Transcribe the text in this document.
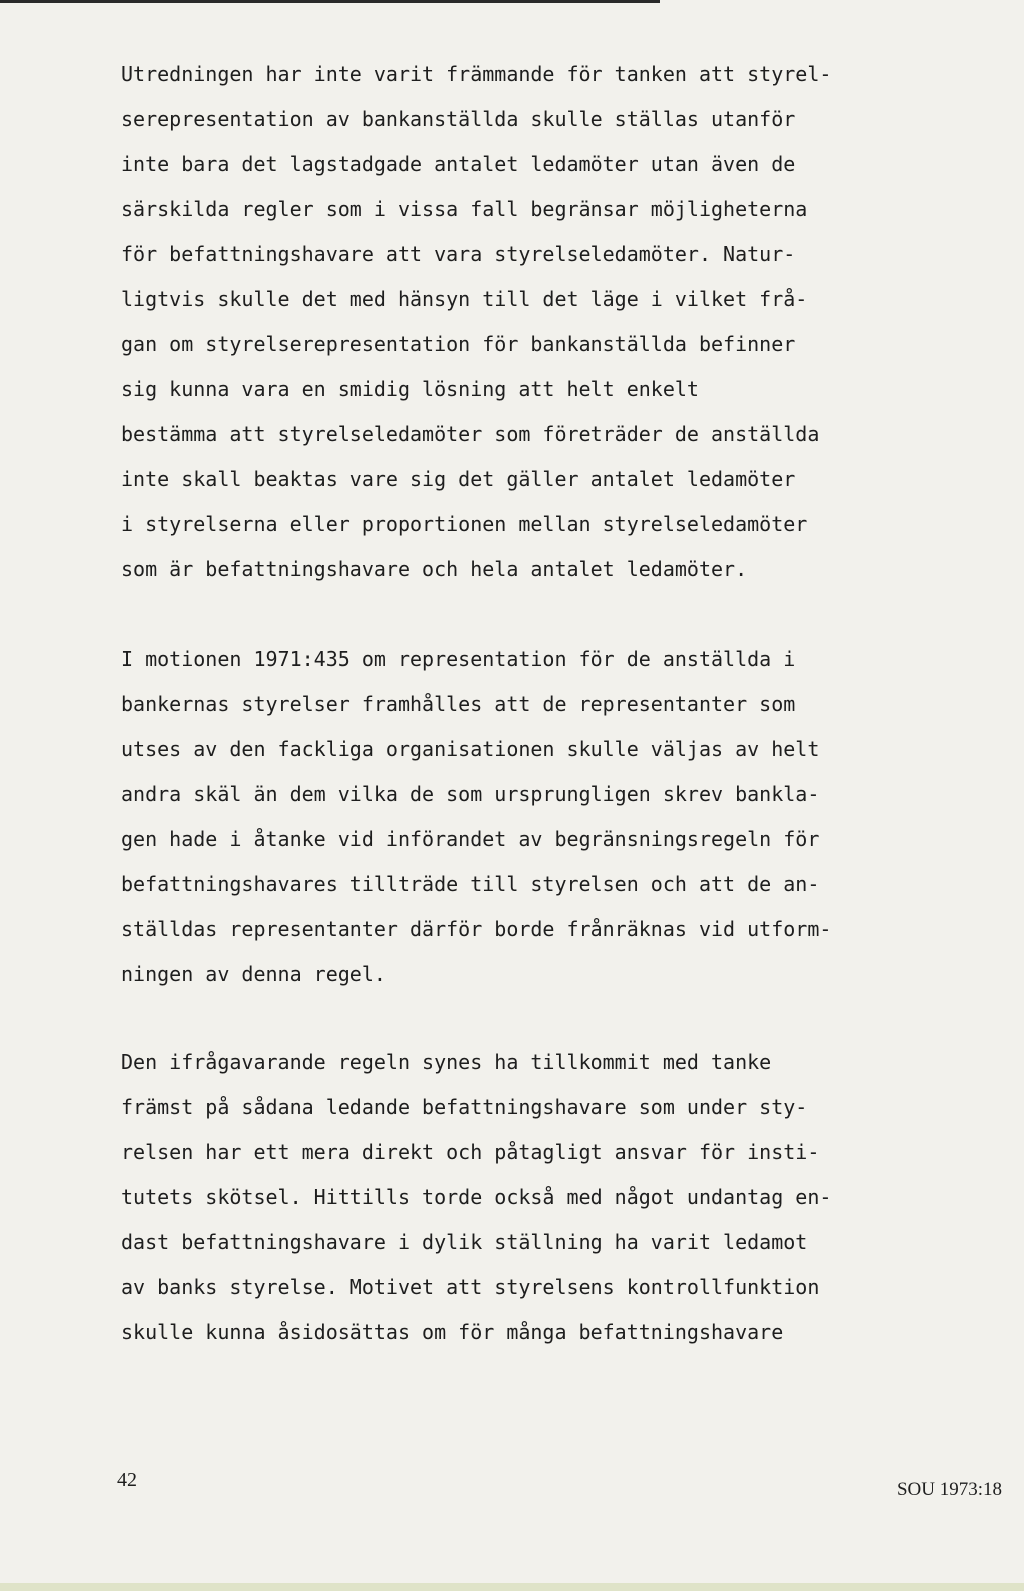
Utredningen har inte varit främmande för tanken att styrel-
serepresentation av bankanställda skulle ställas utanför
inte bara det lagstadgade antalet ledamöter utan även de
särskilda regler som i vissa fall begränsar möjligheterna
för befattningshavare att vara styrelseledamöter. Natur-
ligtvis skulle det med hänsyn till det läge i vilket frå-
gan om styrelserepresentation för bankanställda befinner
sig kunna vara en smidig lösning att helt enkelt
bestämma att styrelseledamöter som företräder de anställda
inte skall beaktas vare sig det gäller antalet ledamöter
i styrelserna eller proportionen mellan styrelseledamöter
som är befattningshavare och hela antalet ledamöter.
I motionen 1971:435 om representation för de anställda i
bankernas styrelser framhålles att de representanter som
utses av den fackliga organisationen skulle väljas av helt
andra skäl än dem vilka de som ursprungligen skrev bankla-
gen hade i åtanke vid införandet av begränsningsregeln för
befattningshavares tillträde till styrelsen och att de an-
ställdas representanter därför borde frånräknas vid utform-
ningen av denna regel.
Den ifrågavarande regeln synes ha tillkommit med tanke
främst på sådana ledande befattningshavare som under sty-
relsen har ett mera direkt och påtagligt ansvar för insti-
tutets skötsel. Hittills torde också med något undantag en-
dast befattningshavare i dylik ställning ha varit ledamot
av banks styrelse. Motivet att styrelsens kontrollfunktion
skulle kunna åsidosättas om för många befattningshavare
42	SOU 1973:18
